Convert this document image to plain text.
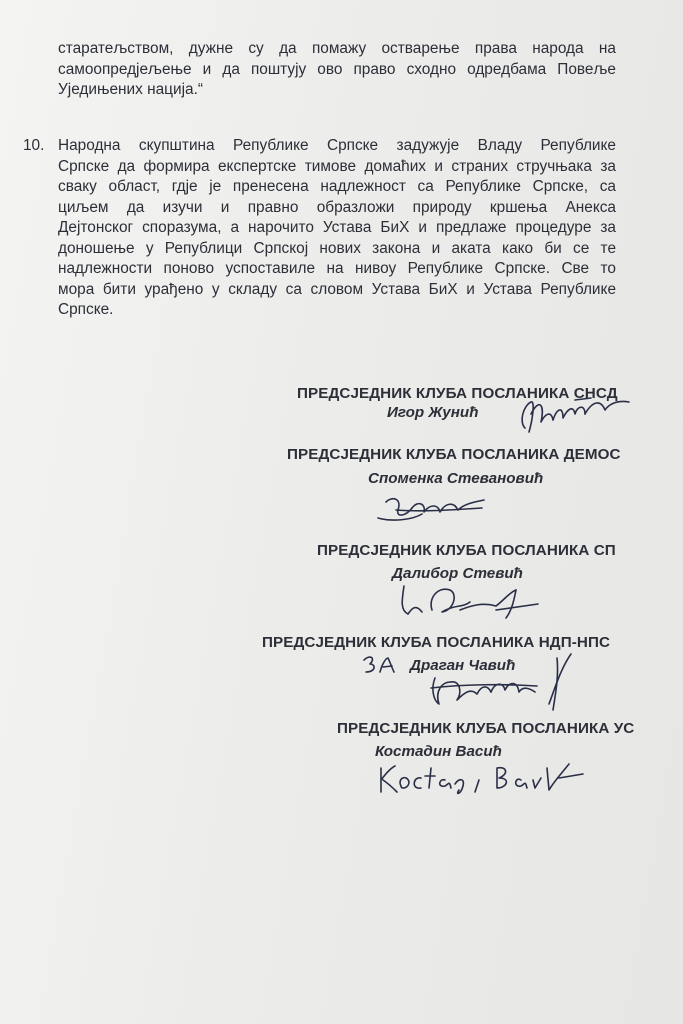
старатељством, дужне су да помажу остварење права народа на
самоопредјељење и да поштују ово право сходно одредбама Повеље
Уједињених нација.“
10. Народна скупштина Републике Српске задужује Владу Републике
Српске да формира експертске тимове домаћих и страних стручњака за
сваку област, гдје је пренесена надлежност са Републике Српске, са
циљем да изучи и правно образложи природу кршења Анекса
Дејтонског споразума, а нарочито Устава БиХ и предлаже процедуре за
доношење у Републици Српској нових закона и аката како би се те
надлежности поново успоставиле на нивоу Републике Српске. Све то
мора бити урађено у складу са словом Устава БиХ и Устава Републике
Српске.
ПРЕДСЈЕДНИК КЛУБА ПОСЛАНИКА СНСД
Игор Жунић
ПРЕДСЈЕДНИК КЛУБА ПОСЛАНИКА ДЕМОС
Споменка Стевановић
ПРЕДСЈЕДНИК КЛУБА ПОСЛАНИКА СП
Далибор Стевић
ПРЕДСЈЕДНИК КЛУБА ПОСЛАНИКА НДП-НПС
Драган Чавић
ПРЕДСЈЕДНИК КЛУБА ПОСЛАНИКА УС
Костадин Васић
